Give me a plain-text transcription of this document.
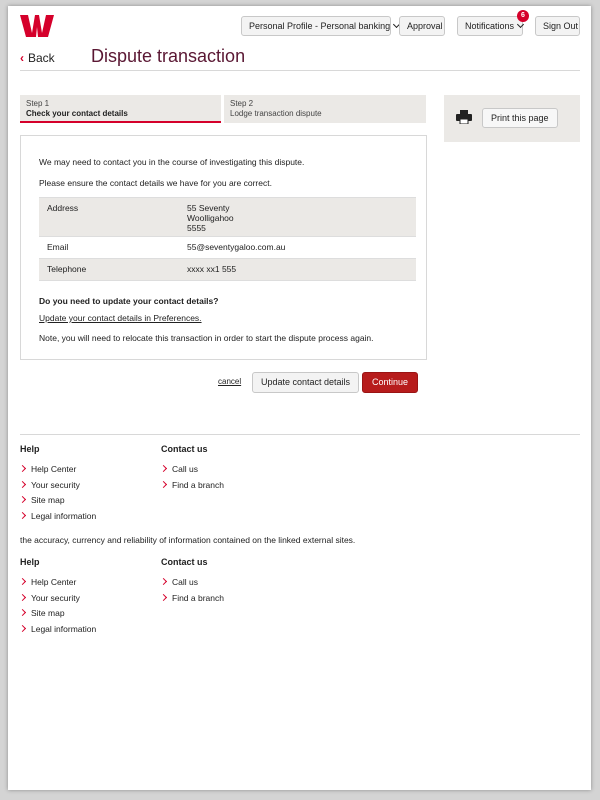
Personal Profile - Personal banking	Approval	Notifications
6
Sign Out
‹ Back Dispute transaction
Step 1
Check your contact details
Step 2
Lodge transaction dispute	Print this page

We may need to contact you in the course of investigating this dispute.

Please ensure the contact details we have for you are correct.

Address	55 Seventy
Woolligahoo
5555
Email	55@seventygaloo.com.au
Telephone	xxxx xx1 555
Do you need to update your contact details?
Update your contact details in Preferences.
Note, you will need to relocate this transaction in order to start the dispute process again.
cancel	Update contact details	Continue
Help
Help Center
Your security
Site map
Legal information
Contact us
Call us
Find a branch
the accuracy, currency and reliability of information contained on the linked external sites.
Help
Help Center
Your security
Site map
Legal information
Contact us
Call us
Find a branch
